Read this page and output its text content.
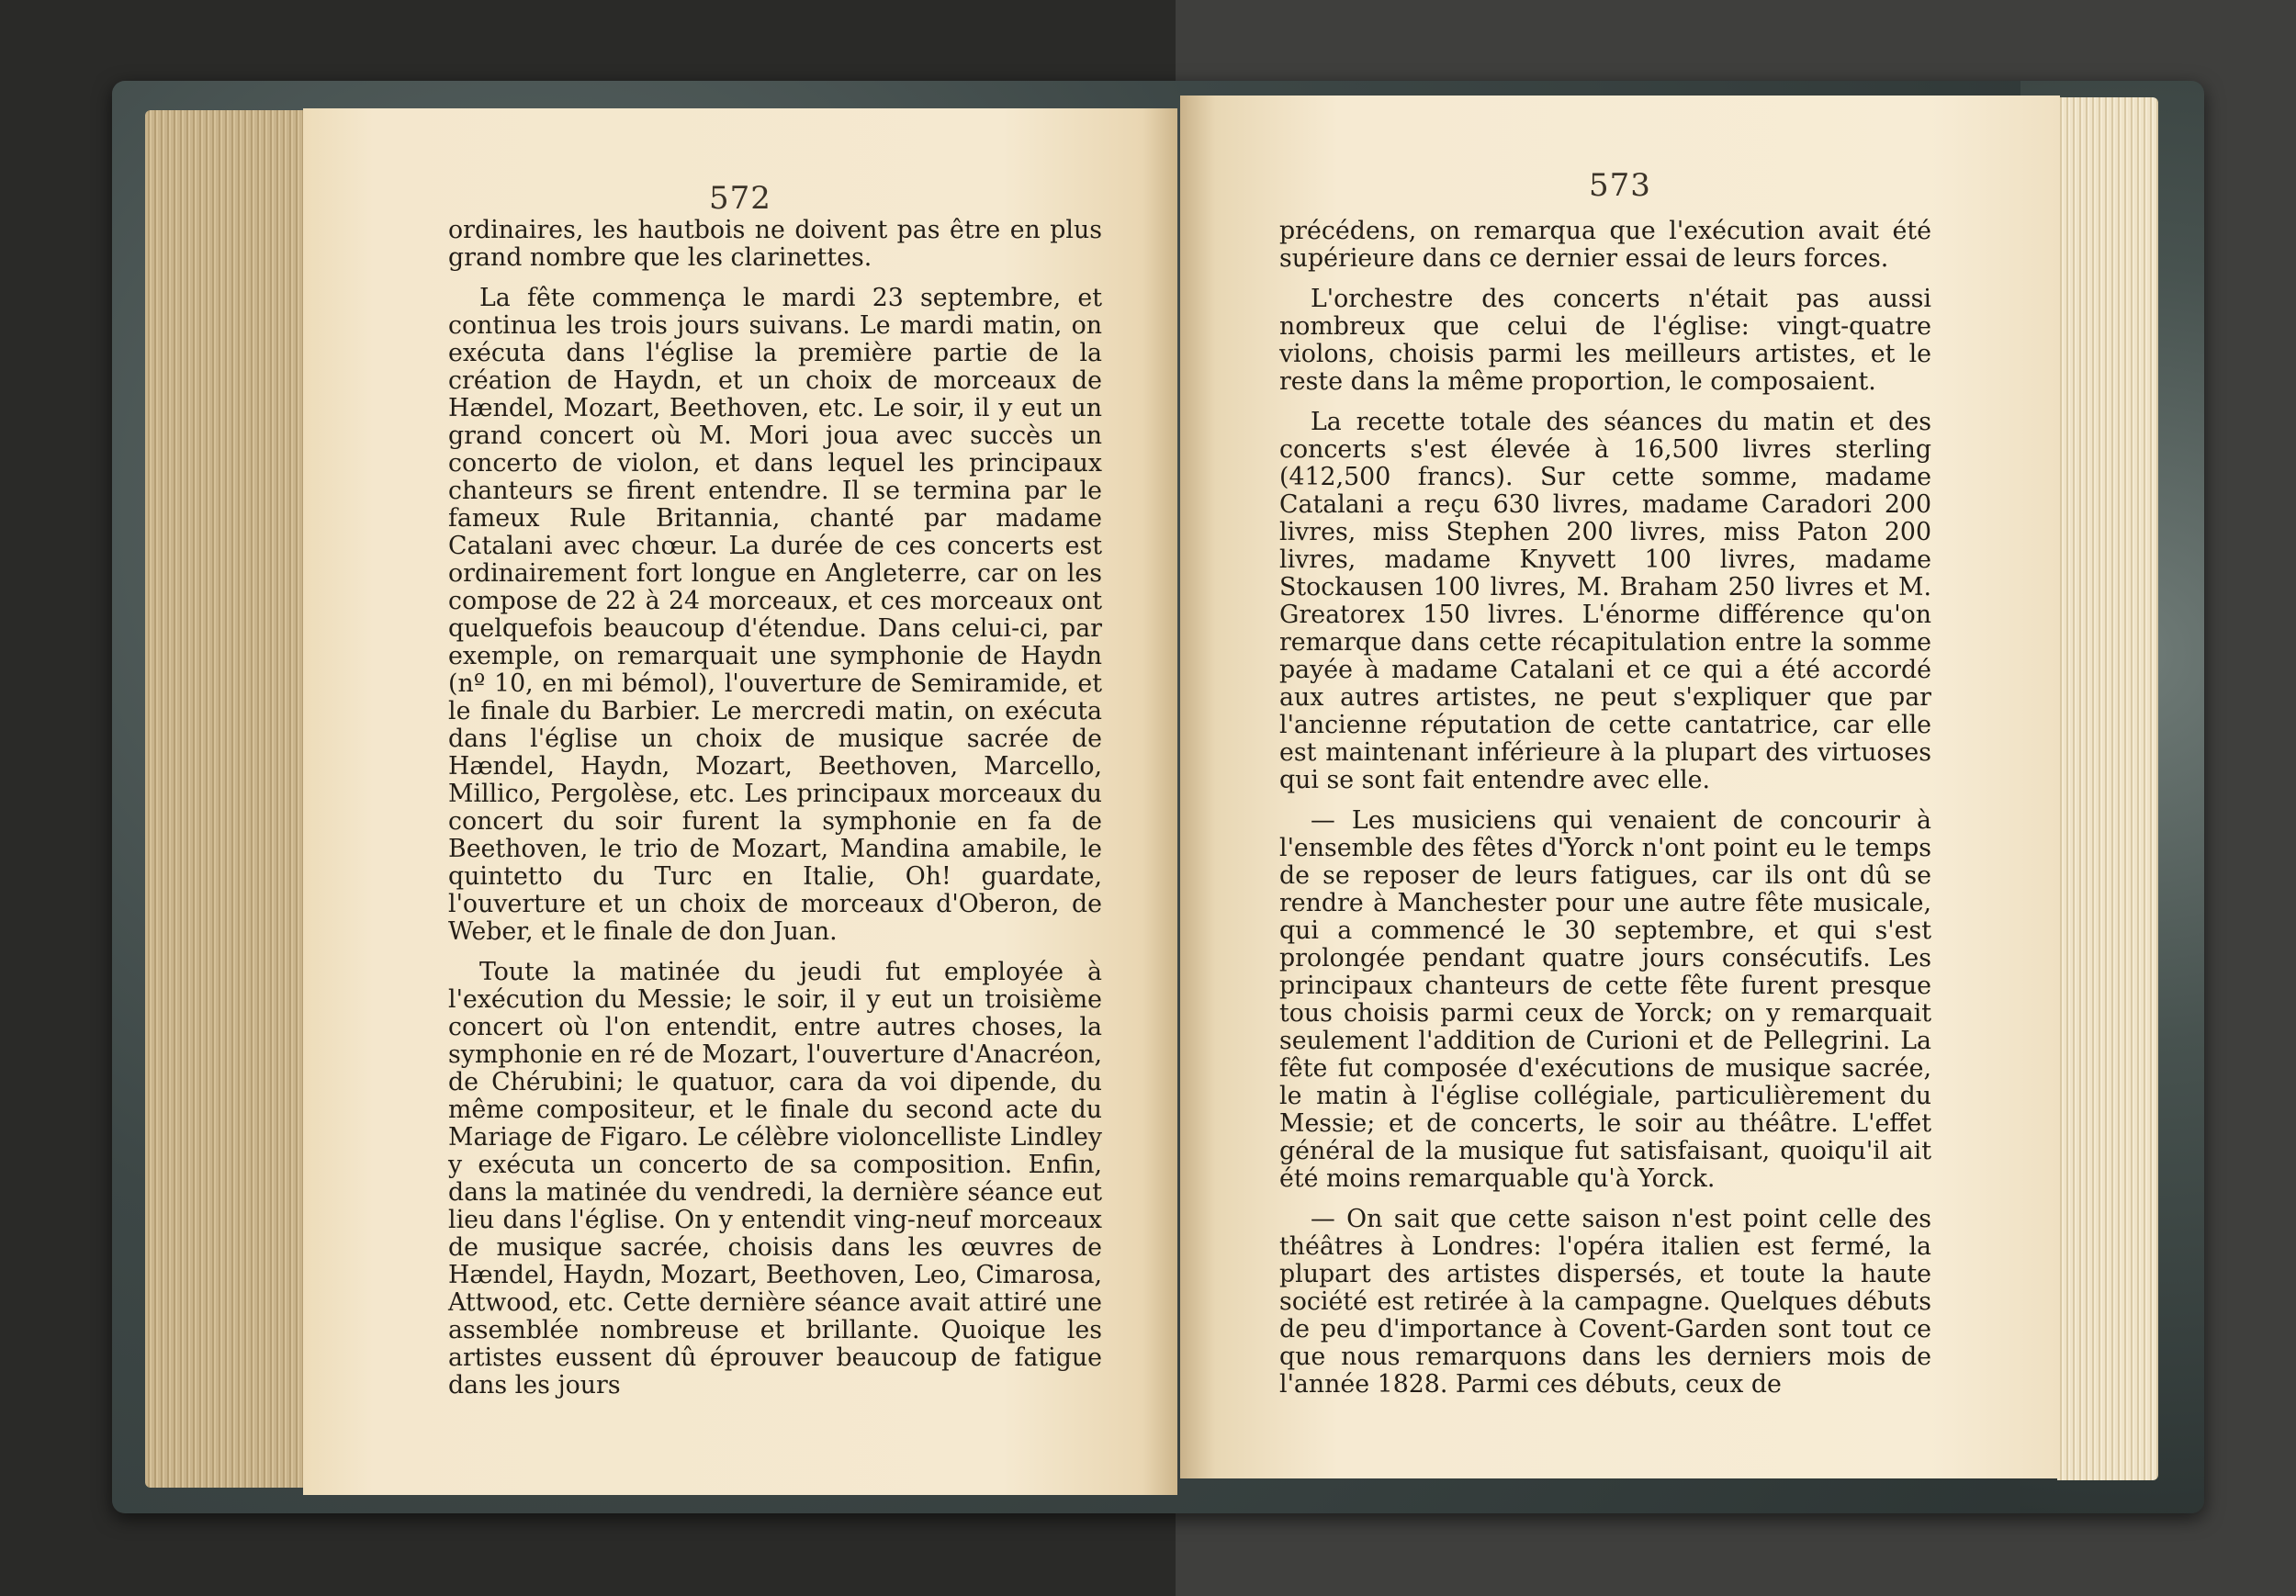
572

ordinaires, les hautbois ne doivent pas être en plus grand nombre que les clarinettes.

La fête commença le mardi 23 septembre, et continua les trois jours suivans. Le mardi matin, on exécuta dans l'église la première partie de la création de Haydn, et un choix de morceaux de Hændel, Mozart, Beethoven, etc. Le soir, il y eut un grand concert où M. Mori joua avec succès un concerto de violon, et dans lequel les principaux chanteurs se firent entendre. Il se termina par le fameux Rule Britannia, chanté par madame Catalani avec chœur. La durée de ces concerts est ordinairement fort longue en Angleterre, car on les compose de 22 à 24 morceaux, et ces morceaux ont quelquefois beaucoup d'étendue. Dans celui-ci, par exemple, on remarquait une symphonie de Haydn (nº 10, en mi bémol), l'ouverture de Semiramide, et le finale du Barbier. Le mercredi matin, on exécuta dans l'église un choix de musique sacrée de Hændel, Haydn, Mozart, Beethoven, Marcello, Millico, Pergolèse, etc. Les principaux morceaux du concert du soir furent la symphonie en fa de Beethoven, le trio de Mozart, Mandina amabile, le quintetto du Turc en Italie, Oh! guardate, l'ouverture et un choix de morceaux d'Oberon, de Weber, et le finale de don Juan.

Toute la matinée du jeudi fut employée à l'exécution du Messie; le soir, il y eut un troisième concert où l'on entendit, entre autres choses, la symphonie en ré de Mozart, l'ouverture d'Anacréon, de Chérubini; le quatuor, cara da voi dipende, du même compositeur, et le finale du second acte du Mariage de Figaro. Le célèbre violoncelliste Lindley y exécuta un concerto de sa composition. Enfin, dans la matinée du vendredi, la dernière séance eut lieu dans l'église. On y entendit ving-neuf morceaux de musique sacrée, choisis dans les œuvres de Hændel, Haydn, Mozart, Beethoven, Leo, Cimarosa, Attwood, etc. Cette dernière séance avait attiré une assemblée nombreuse et brillante. Quoique les artistes eussent dû éprouver beaucoup de fatigue dans les jours

573

précédens, on remarqua que l'exécution avait été supérieure dans ce dernier essai de leurs forces.

L'orchestre des concerts n'était pas aussi nombreux que celui de l'église: vingt-quatre violons, choisis parmi les meilleurs artistes, et le reste dans la même proportion, le composaient.

La recette totale des séances du matin et des concerts s'est élevée à 16,500 livres sterling (412,500 francs). Sur cette somme, madame Catalani a reçu 630 livres, madame Caradori 200 livres, miss Stephen 200 livres, miss Paton 200 livres, madame Knyvett 100 livres, madame Stockausen 100 livres, M. Braham 250 livres et M. Greatorex 150 livres. L'énorme différence qu'on remarque dans cette récapitulation entre la somme payée à madame Catalani et ce qui a été accordé aux autres artistes, ne peut s'expliquer que par l'ancienne réputation de cette cantatrice, car elle est maintenant inférieure à la plupart des virtuoses qui se sont fait entendre avec elle.

— Les musiciens qui venaient de concourir à l'ensemble des fêtes d'Yorck n'ont point eu le temps de se reposer de leurs fatigues, car ils ont dû se rendre à Manchester pour une autre fête musicale, qui a commencé le 30 septembre, et qui s'est prolongée pendant quatre jours consécutifs. Les principaux chanteurs de cette fête furent presque tous choisis parmi ceux de Yorck; on y remarquait seulement l'addition de Curioni et de Pellegrini. La fête fut composée d'exécutions de musique sacrée, le matin à l'église collégiale, particulièrement du Messie; et de concerts, le soir au théâtre. L'effet général de la musique fut satisfaisant, quoiqu'il ait été moins remarquable qu'à Yorck.

— On sait que cette saison n'est point celle des théâtres à Londres: l'opéra italien est fermé, la plupart des artistes dispersés, et toute la haute société est retirée à la campagne. Quelques débuts de peu d'importance à Covent-Garden sont tout ce que nous remarquons dans les derniers mois de l'année 1828. Parmi ces débuts, ceux de
